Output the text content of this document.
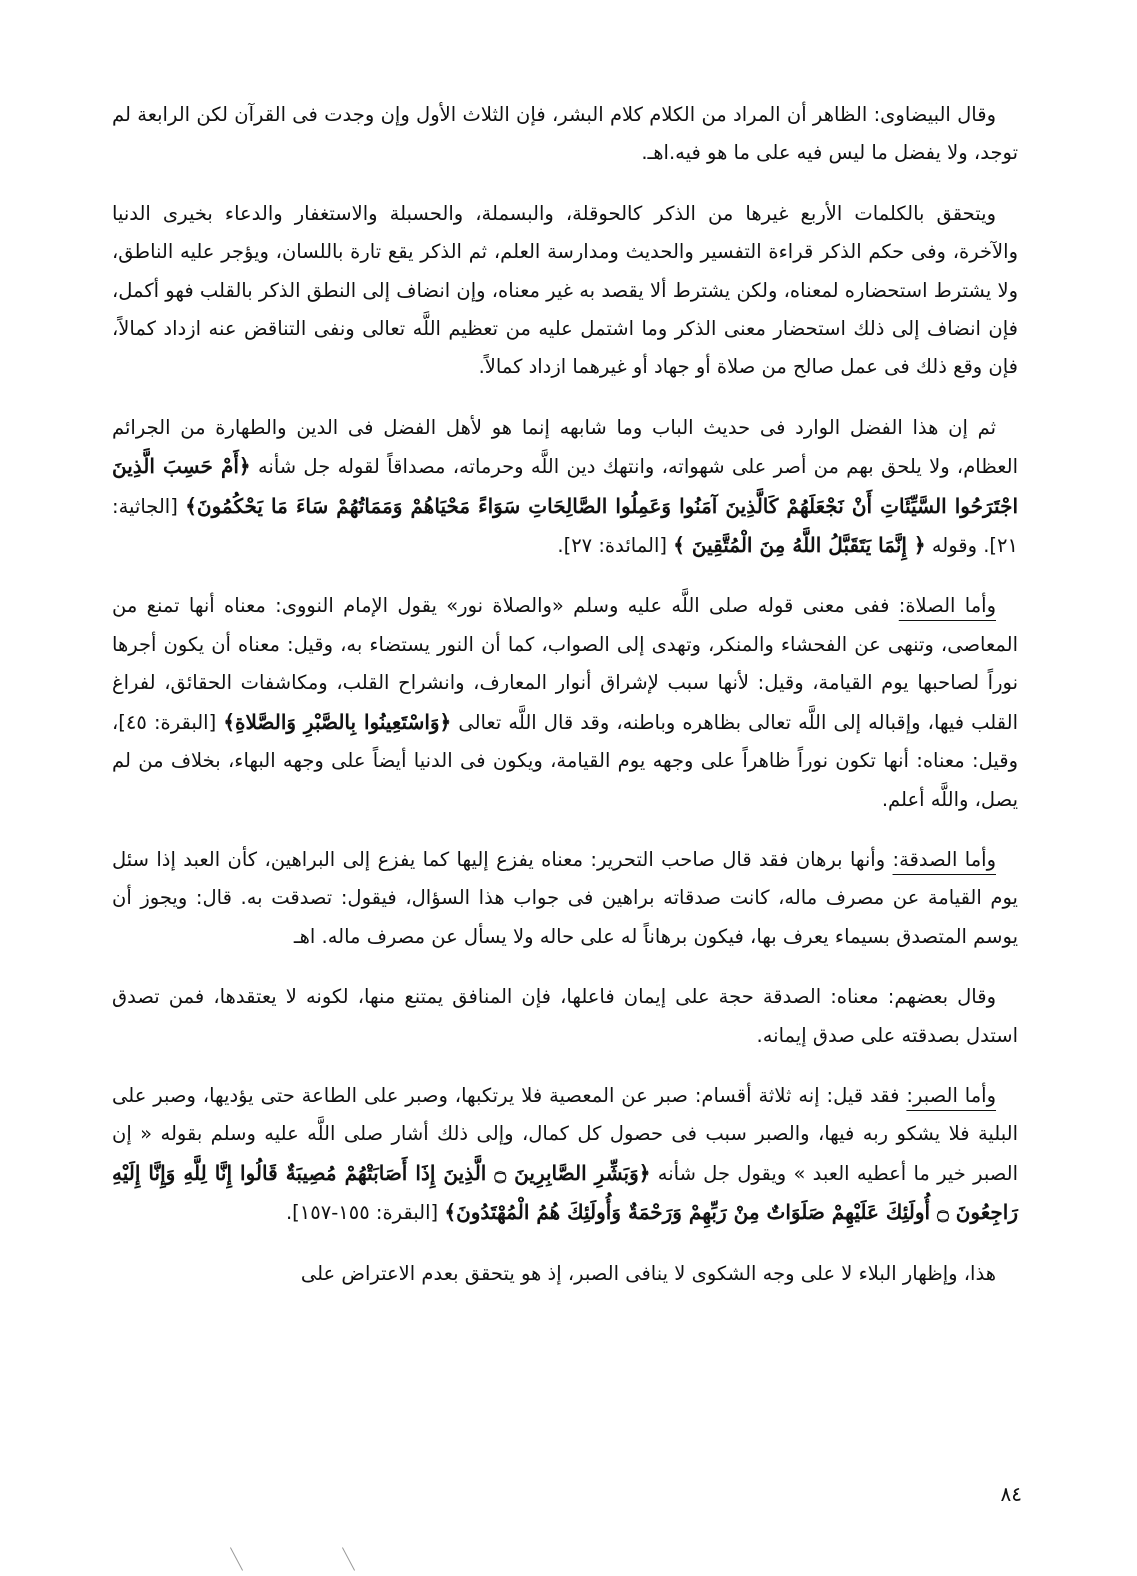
وقال البيضاوى: الظاهر أن المراد من الكلام كلام البشر، فإن الثلاث الأول وإن وجدت فى القرآن لكن الرابعة لم توجد، ولا يفضل ما ليس فيه على ما هو فيه.اهـ.

ويتحقق بالكلمات الأربع غيرها من الذكر كالحوقلة، والبسملة، والحسبلة والاستغفار والدعاء بخيرى الدنيا والآخرة، وفى حكم الذكر قراءة التفسير والحديث ومدارسة العلم، ثم الذكر يقع تارة باللسان، ويؤجر عليه الناطق، ولا يشترط استحضاره لمعناه، ولكن يشترط ألا يقصد به غير معناه، وإن انضاف إلى النطق الذكر بالقلب فهو أكمل، فإن انضاف إلى ذلك استحضار معنى الذكر وما اشتمل عليه من تعظيم اللَّه تعالى ونفى التناقض عنه ازداد كمالاً، فإن وقع ذلك فى عمل صالح من صلاة أو جهاد أو غيرهما ازداد كمالاً.

ثم إن هذا الفضل الوارد فى حديث الباب وما شابهه إنما هو لأهل الفضل فى الدين والطهارة من الجرائم العظام، ولا يلحق بهم من أصر على شهواته، وانتهك دين اللَّه وحرماته، مصداقاً لقوله جل شأنه ﴿أَمْ حَسِبَ الَّذِينَ اجْتَرَحُوا السَّيِّئَاتِ أَنْ نَجْعَلَهُمْ كَالَّذِينَ آمَنُوا وَعَمِلُوا الصَّالِحَاتِ سَوَاءً مَحْيَاهُمْ وَمَمَاتُهُمْ سَاءَ مَا يَحْكُمُونَ﴾ [الجاثية: ٢١]. وقوله ﴿ إِنَّمَا يَتَقَبَّلُ اللَّهُ مِنَ الْمُتَّقِينَ ﴾ [المائدة: ٢٧].

وأما الصلاة: ففى معنى قوله صلى اللَّه عليه وسلم «والصلاة نور» يقول الإمام النووى: معناه أنها تمنع من المعاصى، وتنهى عن الفحشاء والمنكر، وتهدى إلى الصواب، كما أن النور يستضاء به، وقيل: معناه أن يكون أجرها نوراً لصاحبها يوم القيامة، وقيل: لأنها سبب لإشراق أنوار المعارف، وانشراح القلب، ومكاشفات الحقائق، لفراغ القلب فيها، وإقباله إلى اللَّه تعالى بظاهره وباطنه، وقد قال اللَّه تعالى ﴿وَاسْتَعِينُوا بِالصَّبْرِ وَالصَّلاةِ﴾ [البقرة: ٤٥]، وقيل: معناه: أنها تكون نوراً ظاهراً على وجهه يوم القيامة، ويكون فى الدنيا أيضاً على وجهه البهاء، بخلاف من لم يصل، واللَّه أعلم.

وأما الصدقة: وأنها برهان فقد قال صاحب التحرير: معناه يفزع إليها كما يفزع إلى البراهين، كأن العبد إذا سئل يوم القيامة عن مصرف ماله، كانت صدقاته براهين فى جواب هذا السؤال، فيقول: تصدقت به. قال: ويجوز أن يوسم المتصدق بسيماء يعرف بها، فيكون برهاناً له على حاله ولا يسأل عن مصرف ماله. اهـ

وقال بعضهم: معناه: الصدقة حجة على إيمان فاعلها، فإن المنافق يمتنع منها، لكونه لا يعتقدها، فمن تصدق استدل بصدقته على صدق إيمانه.

وأما الصبر: فقد قيل: إنه ثلاثة أقسام: صبر عن المعصية فلا يرتكبها، وصبر على الطاعة حتى يؤديها، وصبر على البلية فلا يشكو ربه فيها، والصبر سبب فى حصول كل كمال، وإلى ذلك أشار صلى اللَّه عليه وسلم بقوله « إن الصبر خير ما أعطيه العبد » ويقول جل شأنه ﴿وَبَشِّرِ الصَّابِرِينَ ۝ الَّذِينَ إِذَا أَصَابَتْهُمْ مُصِيبَةٌ قَالُوا إِنَّا لِلَّهِ وَإِنَّا إِلَيْهِ رَاجِعُونَ ۝ أُولَئِكَ عَلَيْهِمْ صَلَوَاتٌ مِنْ رَبِّهِمْ وَرَحْمَةٌ وَأُولَئِكَ هُمُ الْمُهْتَدُونَ﴾ [البقرة: ١٥٥-١٥٧].

هذا، وإظهار البلاء لا على وجه الشكوى لا ينافى الصبر، إذ هو يتحقق بعدم الاعتراض على

٨٤
